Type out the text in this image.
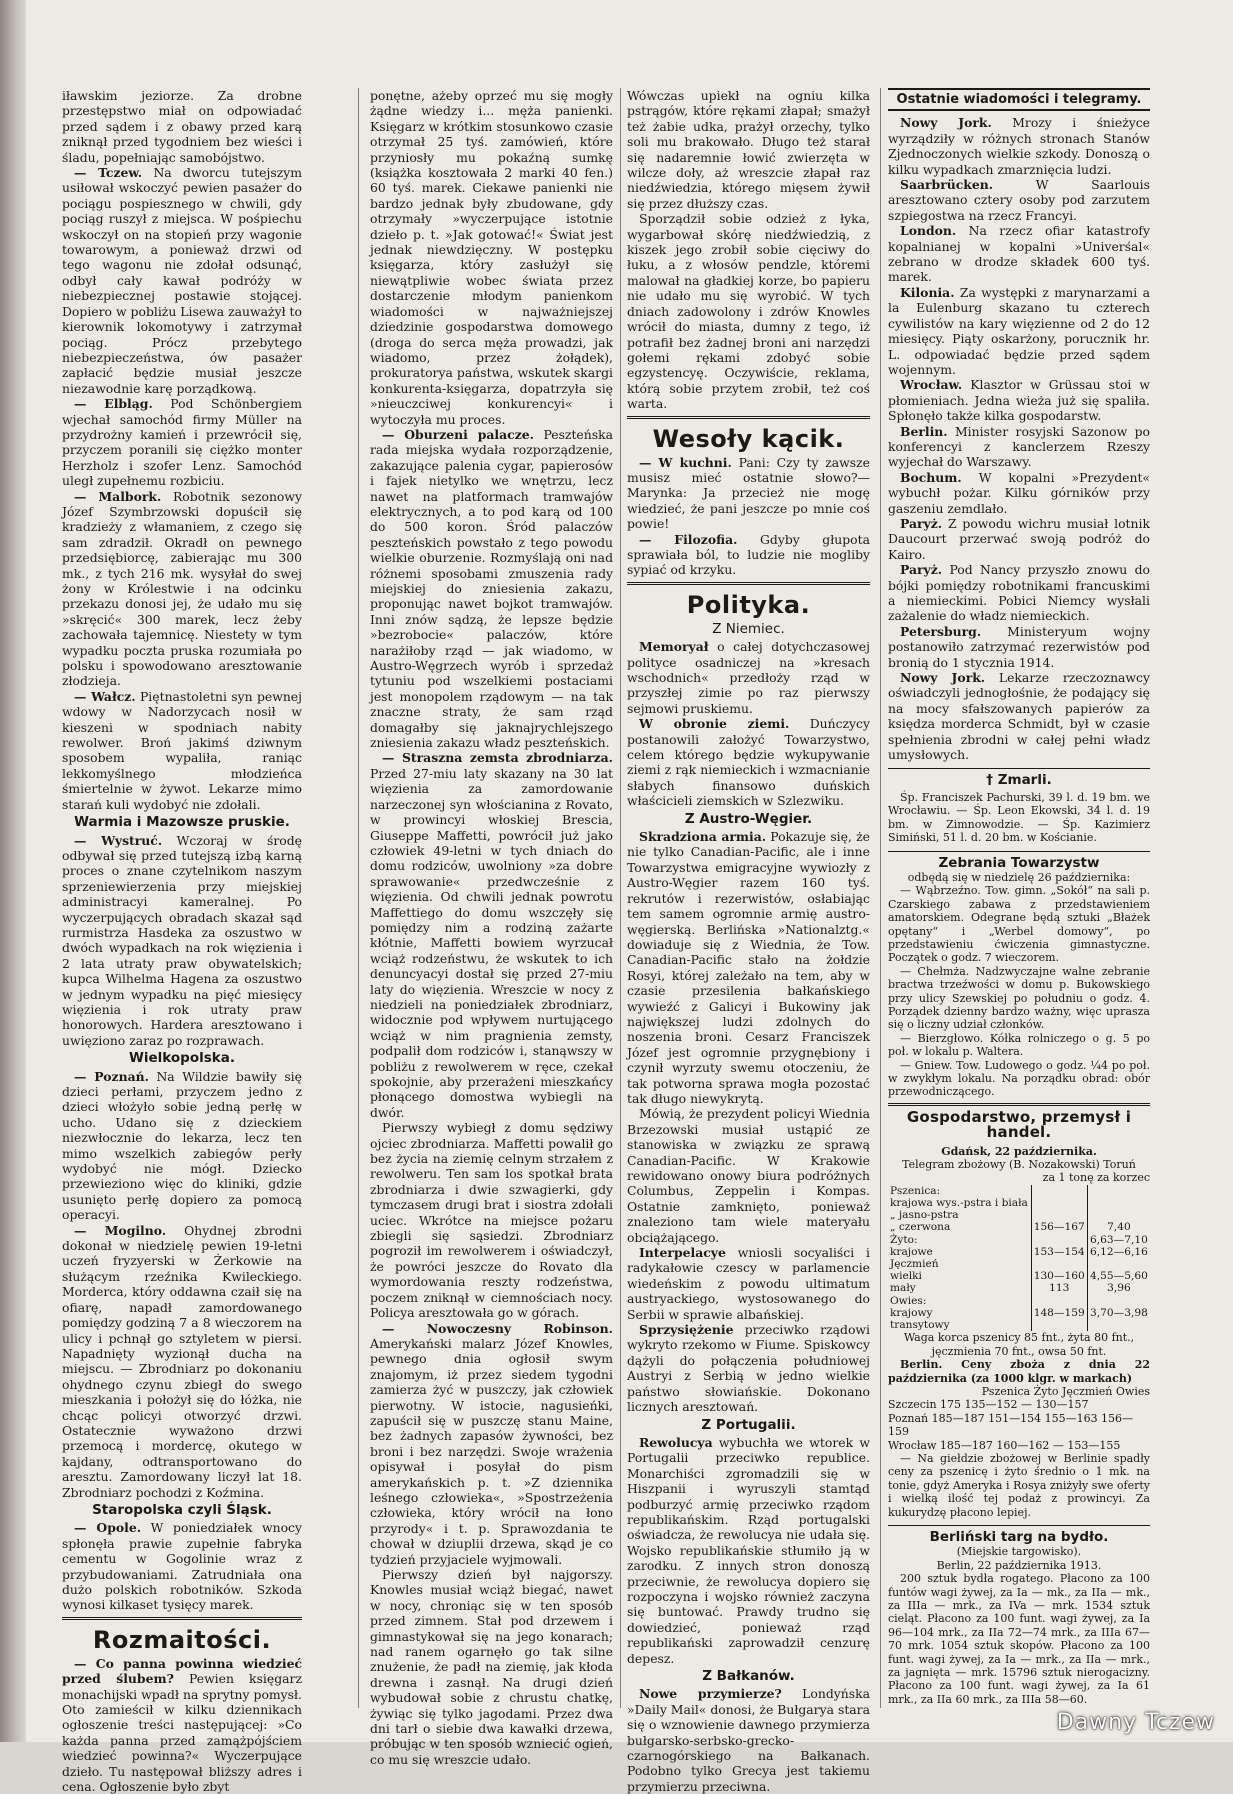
iławskim jeziorze. Za drobne przestępstwo miał on odpowiadać przed sądem i z obawy przed karą zniknął przed tygodniem bez wieści i śladu, popełniając samobójstwo.

— Tczew. Na dworcu tutejszym usiłował wskoczyć pewien pasażer do pociągu pospiesznego w chwili, gdy pociąg ruszył z miejsca. W pośpiechu wskoczył on na stopień przy wagonie towarowym, a ponieważ drzwi od tego wagonu nie zdołał odsunąć, odbył cały kawał podróży w niebezpiecznej postawie stojącej. Dopiero w pobliżu Lisewa zauważył to kierownik lokomotywy i zatrzymał pociąg. Prócz przebytego niebezpieczeństwa, ów pasażer zapłacić będzie musiał jeszcze niezawodnie karę porządkową.

— Elbląg. Pod Schönbergiem wjechał samochód firmy Müller na przydrożny kamień i przewrócił się, przyczem poranili się ciężko monter Herzholz i szofer Lenz. Samochód uległ zupełnemu rozbiciu.

— Malbork. Robotnik sezonowy Józef Szymbrzowski dopuścił się kradzieży z włamaniem, z czego się sam zdradził. Okradł on pewnego przedsiębiorcę, zabierając mu 300 mk., z tych 216 mk. wysyłał do swej żony w Królestwie i na odcinku przekazu donosi jej, że udało mu się »skręcić« 300 marek, lecz żeby zachowała tajemnicę. Niestety w tym wypadku poczta pruska rozumiała po polsku i spowodowano aresztowanie złodzieja.

— Wałcz. Piętnastoletni syn pewnej wdowy w Nadorzycach nosił w kieszeni w spodniach nabity rewolwer. Broń jakimś dziwnym sposobem wypaliła, raniąc lekkomyślnego młodzieńca śmiertelnie w żywot. Lekarze mimo starań kuli wydobyć nie zdołali.

Warmia i Mazowsze pruskie.

— Wystruć. Wczoraj w środę odbywał się przed tutejszą izbą karną proces o znane czytelnikom naszym sprzeniewierzenia przy miejskiej administracyi kameralnej. Po wyczerpujących obradach skazał sąd rurmistrza Hasdeka za oszustwo w dwóch wypadkach na rok więzienia i 2 lata utraty praw obywatelskich; kupca Wilhelma Hagena za oszustwo w jednym wypadku na pięć miesięcy więzienia i rok utraty praw honorowych. Hardera aresztowano i uwięziono zaraz po rozprawach.

Wielkopolska.

— Poznań. Na Wildzie bawiły się dzieci perłami, przyczem jedno z dzieci włożyło sobie jedną perłę w ucho. Udano się z dzieckiem niezwłocznie do lekarza, lecz ten mimo wszelkich zabiegów perły wydobyć nie mógł. Dziecko przewieziono więc do kliniki, gdzie usunięto perłę dopiero za pomocą operacyi.

— Mogilno. Ohydnej zbrodni dokonał w niedzielę pewien 19-letni uczeń fryzyerski w Żerkowie na służącym rzeźnika Kwileckiego. Morderca, który oddawna czaił się na ofiarę, napadł zamordowanego pomiędzy godziną 7 a 8 wieczorem na ulicy i pchnął go sztyletem w piersi. Napadnięty wyzionął ducha na miejscu. — Zbrodniarz po dokonaniu ohydnego czynu zbiegł do swego mieszkania i położył się do łóżka, nie chcąc policyi otworzyć drzwi. Ostatecznie wyważono drzwi przemocą i mordercę, okutego w kajdany, odtransportowano do aresztu. Zamordowany liczył lat 18. Zbrodniarz pochodzi z Koźmina.

Staropolska czyli Śląsk.

— Opole. W poniedziałek wnocy spłonęła prawie zupełnie fabryka cementu w Gogolinie wraz z przybudowaniami. Zatrudniała ona dużo polskich robotników. Szkoda wynosi kilkaset tysięcy marek.

Rozmaitości.

— Co panna powinna wiedzieć przed ślubem? Pewien księgarz monachijski wpadł na sprytny pomysł. Oto zamieścił w kilku dziennikach ogłoszenie treści następującej: »Co każda panna przed zamążpójściem wiedzieć powinna?« Wyczerpujące dzieło. Tu następował bliższy adres i cena. Ogłoszenie było zbyt

ponętne, ażeby oprzeć mu się mogły żądne wiedzy i... męża panienki. Księgarz w krótkim stosunkowo czasie otrzymał 25 tyś. zamówień, które przyniosły mu pokaźną sumkę (książka kosztowała 2 marki 40 fen.) 60 tyś. marek. Ciekawe panienki nie bardzo jednak były zbudowane, gdy otrzymały »wyczerpujące istotnie dzieło p. t. »Jak gotować!« Świat jest jednak niewdzięczny. W postępku księgarza, który zasłużył się niewątpliwie wobec świata przez dostarczenie młodym panienkom wiadomości w najważniejszej dziedzinie gospodarstwa domowego (droga do serca męża prowadzi, jak wiadomo, przez żołądek), prokuratorya państwa, wskutek skargi konkurenta-księgarza, dopatrzyła się »nieuczciwej konkurencyi« i wytoczyła mu proces.

— Oburzeni palacze. Peszteńska rada miejska wydała rozporządzenie, zakazujące palenia cygar, papierosów i fajek nietylko we wnętrzu, lecz nawet na platformach tramwajów elektrycznych, a to pod karą od 100 do 500 koron. Śród palaczów peszteńskich powstało z tego powodu wielkie oburzenie. Rozmyślają oni nad różnemi sposobami zmuszenia rady miejskiej do zniesienia zakazu, proponując nawet bojkot tramwajów. Inni znów sądzą, że lepsze będzie »bezrobocie« palaczów, które narażiłoby rząd — jak wiadomo, w Austro-Węgrzech wyrób i sprzedaż tytuniu pod wszelkiemi postaciami jest monopolem rządowym — na tak znaczne straty, że sam rząd domagałby się jaknajrychlejszego zniesienia zakazu władz peszteńskich.

— Straszna zemsta zbrodniarza. Przed 27-miu laty skazany na 30 lat więzienia za zamordowanie narzeczonej syn włościanina z Rovato, w prowincyi włoskiej Brescia, Giuseppe Maffetti, powrócił już jako człowiek 49-letni w tych dniach do domu rodziców, uwolniony »za dobre sprawowanie« przedwcześnie z więzienia. Od chwili jednak powrotu Maffettiego do domu wszczęły się pomiędzy nim a rodziną zażarte kłótnie, Maffetti bowiem wyrzucał wciąż rodzeństwu, że wskutek to ich denuncyacyi dostał się przed 27-miu laty do więzienia. Wreszcie w nocy z niedzieli na poniedziałek zbrodniarz, widocznie pod wpływem nurtującego wciąż w nim pragnienia zemsty, podpalił dom rodziców i, stanąwszy w pobliżu z rewolwerem w ręce, czekał spokojnie, aby przerażeni mieszkańcy płonącego domostwa wybiegli na dwór.

Pierwszy wybiegł z domu sędziwy ojciec zbrodniarza. Maffetti powalił go bez życia na ziemię celnym strzałem z rewolweru. Ten sam los spotkał brata zbrodniarza i dwie szwagierki, gdy tymczasem drugi brat i siostra zdołali uciec. Wkrótce na miejsce pożaru zbiegli się sąsiedzi. Zbrodniarz pogroził im rewolwerem i oświadczył, że powróci jeszcze do Rovato dla wymordowania reszty rodzeństwa, poczem zniknął w ciemnościach nocy. Policya aresztowała go w górach.

— Nowoczesny Robinson. Amerykański malarz Józef Knowles, pewnego dnia ogłosił swym znajomym, iż przez siedem tygodni zamierza żyć w puszczy, jak człowiek pierwotny. W istocie, nagusieńki, zapuścił się w puszczę stanu Maine, bez żadnych zapasów żywności, bez broni i bez narzędzi. Swoje wrażenia opisywał i posyłał do pism amerykańskich p. t. »Z dziennika leśnego człowieka«, »Spostrzeżenia człowieka, który wrócił na łono przyrody« i t. p. Sprawozdania te chował w dziuplii drzewa, skąd je co tydzień przyjaciele wyjmowali.

Pierwszy dzień był najgorszy. Knowles musiał wciąż biegać, nawet w nocy, chroniąc się w ten sposób przed zimnem. Stał pod drzewem i gimnastykował się na jego konarach; nad ranem ogarnęło go tak silne znużenie, że padł na ziemię, jak kłoda drewna i zasnął. Na drugi dzień wybudował sobie z chrustu chatkę, żywiąc się tylko jagodami. Przez dwa dni tarł o siebie dwa kawałki drzewa, próbując w ten sposób wzniecić ogień, co mu się wreszcie udało.

Wówczas upiekł na ogniu kilka pstrągów, które rękami złapał; smażył też żabie udka, prażył orzechy, tylko soli mu brakowało. Długo też starał się nadaremnie łowić zwierzęta w wilcze doły, aż wreszcie złapał raz niedźwiedzia, którego mięsem żywił się przez dłuższy czas.

Sporządził sobie odzież z łyka, wygarbował skórę niedźwiedzią, z kiszek jego zrobił sobie cięciwy do łuku, a z włosów pendzle, któremi malował na gładkiej korze, bo papieru nie udało mu się wyrobić. W tych dniach zadowolony i zdrów Knowles wrócił do miasta, dumny z tego, iż potrafił bez żadnej broni ani narzędzi gołemi rękami zdobyć sobie egzystencyę. Oczywiście, reklama, którą sobie przytem zrobił, też coś warta.

Wesoły kącik.

— W kuchni. Pani: Czy ty zawsze musisz mieć ostatnie słowo?— Marynka: Ja przecież nie mogę wiedzieć, że pani jeszcze po mnie coś powie!

— Filozofia. Gdyby głupota sprawiała ból, to ludzie nie mogliby sypiać od krzyku.

Polityka.
Z Niemiec.

Memoryał o całej dotychczasowej polityce osadniczej na »kresach wschodnich« przedłoży rząd w przyszłej zimie po raz pierwszy sejmowi pruskiemu.

W obronie ziemi. Duńczycy postanowili założyć Towarzystwo, celem którego będzie wykupywanie ziemi z rąk niemieckich i wzmacnianie słabych finansowo duńskich właścicieli ziemskich w Szlezwiku.

Z Austro-Węgier.

Skradziona armia. Pokazuje się, że nie tylko Canadian-Pacific, ale i inne Towarzystwa emigracyjne wywiozły z Austro-Węgier razem 160 tyś. rekrutów i rezerwistów, osłabiając tem samem ogromnie armię austro-węgierską. Berlińska »Nationalztg.« dowiaduje się z Wiednia, że Tow. Canadian-Pacific stało na żołdzie Rosyi, której zależało na tem, aby w czasie przesilenia bałkańskiego wywieźć z Galicyi i Bukowiny jak największej ludzi zdolnych do noszenia broni. Cesarz Franciszek Józef jest ogromnie przygnębiony i czynił wyrzuty swemu otoczeniu, że tak potworna sprawa mogła pozostać tak długo niewykrytą.

Mówią, że prezydent policyi Wiednia Brzezowski musiał ustąpić ze stanowiska w związku ze sprawą Canadian-Pacific. W Krakowie rewidowano onowy biura podróżnych Columbus, Zeppelin i Kompas. Ostatnie zamknięto, ponieważ znaleziono tam wiele materyału obciążającego.

Interpelacye wniosli socyaliści i radykałowie czescy w parlamencie wiedeńskim z powodu ultimatum austryackiego, wystosowanego do Serbii w sprawie albańskiej.

Sprzysiężenie przeciwko rządowi wykryto rzekomo w Fiume. Spiskowcy dążyli do połączenia południowej Austryi z Serbią w jedno wielkie państwo słowiańskie. Dokonano licznych aresztowań.

Z Portugalii.

Rewolucya wybuchła we wtorek w Portugalii przeciwko republice. Monarchiści zgromadzili się w Hiszpanii i wyruszyli stamtąd podburzyć armię przeciwko rządom republikańskim. Rząd portugalski oświadcza, że rewolucya nie udała się. Wojsko republikańskie stłumiło ją w zarodku. Z innych stron donoszą przeciwnie, że rewolucya dopiero się rozpoczyna i wojsko również zaczyna się buntować. Prawdy trudno się dowiedzieć, ponieważ rząd republikański zaprowadził cenzurę depesz.

Z Bałkanów.

Nowe przymierze? Londyńska »Daily Mail« donosi, że Bułgarya stara się o wznowienie dawnego przymierza bułgarsko-serbsko-grecko-czarnogórskiego na Bałkanach. Podobno tylko Grecya jest takiemu przymierzu przeciwna.

Ostatnie wiadomości i telegramy.

Nowy Jork. Mrozy i śnieżyce wyrządziły w różnych stronach Stanów Zjednoczonych wielkie szkody. Donoszą o kilku wypadkach zmarznięcia ludzi.

Saarbrücken.	W Saarlouis aresztowano cztery osoby pod zarzutem szpiegostwa na rzecz Francyi.

London. Na rzecz ofiar katastrofy kopalnianej w kopalni »Univerśal« zebrano w drodze składek 600 tyś. marek.

Kilonia. Za występki z marynarzami a la Eulenburg skazano tu czterech cywilistów na kary więzienne od 2 do 12 miesięcy. Piąty oskarżony, porucznik hr. L. odpowiadać będzie przed sądem wojennym.

Wrocław. Klasztor w Grüssau stoi w płomieniach. Jedna wieża już się spaliła. Spłonęło także kilka gospodarstw.

Berlin. Minister rosyjski Sazonow po konferencyi z kanclerzem Rzeszy wyjechał do Warszawy.

Bochum. W kopalni »Prezydent« wybuchł pożar. Kilku górników przy gaszeniu zemdlało.

Paryż. Z powodu wichru musiał lotnik Daucourt przerwać swoją podróż do Kairo.

Paryż. Pod Nancy przyszło znowu do bójki pomiędzy robotnikami francuskimi a niemieckimi. Pobici Niemcy wysłali zażalenie do władz niemieckich.

Petersburg. Ministeryum wojny postanowiło zatrzymać rezerwistów pod bronią do 1 stycznia 1914.

Nowy Jork. Lekarze rzeczoznawcy oświadczyli jednogłośnie, że podający się na mocy sfałszowanych papierów za księdza morderca Schmidt, był w czasie spełnienia zbrodni w całej pełni władz umysłowych.

† Zmarli.

Śp. Franciszek Pachurski, 39 l. d. 19 bm. we Wrocławiu. — Śp. Leon Ekowski, 34 l. d. 19 bm. w Zimnowodzie. — Śp. Kazimierz Simiński, 51 l. d. 20 bm. w Kościanie.

Zebrania Towarzystw

odbędą się w niedzielę 26 października:

— Wąbrzeźno. Tow. gimn. „Sokół“ na sali p. Czarskiego zabawa z przedstawieniem amatorskiem. Odegrane będą sztuki „Błażek opętany“ i „Werbel domowy“, po przedstawieniu ćwiczenia gimnastyczne. Początek o godz. 7 wieczorem.

— Chełmża. Nadzwyczajne walne zebranie bractwa trzeźwości w domu p. Bukowskiego przy ulicy Szewskiej po południu o godz. 4. Porządek dzienny bardzo ważny, więc uprasza się o liczny udział członków.

— Bierzgłowo. Kółka rolniczego o g. 5 po poł. w lokalu p. Waltera.

— Gniew. Tow. Ludowego o godz. ¼4 po poł. w zwykłym lokalu. Na porządku obrad: obór przewodniczącego.

Gospodarstwo, przemysł i handel.

Gdańsk, 22 października.

Telegram zbożowy (B. Nozakowski) Toruń

za 1 tonę za korzec

Pszenica:		
krajowa wys.-pstra i biała		
„ jasno-pstra		
„ czerwona	156—167	7,40
Żyto:		6,63—7,10
krajowe	153—154	6,12—6,16
Jęczmień		
wielki	130—160	4,55—5,60
mały	113	3,96
Owies:		
krajowy	148—159	3,70—3,98
transytowy		

Waga korca pszenicy 85 fnt., żyta 80 fnt., jęczmienia 70 fnt., owsa 50 fnt.

Berlin. Ceny zboża z dnia 22 października (za 1000 klgr. w markach)

Pszenica Żyto Jęczmień Owies

Szczecin 175 135—152 — 130—157

Poznań 185—187 151—154 155—163 156—159

Wrocław 185—187 160—162 — 153—155

— Na giełdzie zbożowej w Berlinie spadły ceny za pszenicę i żyto średnio o 1 mk. na tonie, gdyż Ameryka i Rosya zniżyły swe oferty i wielką ilość tej podaż z prowincyi. Za kukurydzę płacono lepiej.

Berliński targ na bydło.

(Miejskie targowisko).

Berlin, 22 października 1913.

200 sztuk bydła rogatego. Płacono za 100 funtów wagi żywej, za Ia — mk., za IIa — mk., za IIIa — mrk., za IVa — mrk. 1534 sztuk cieląt. Płacono za 100 funt. wagi żywej, za Ia 96—104 mrk., za IIa 72—74 mrk., za IIIa 67—70 mrk. 1054 sztuk skopów. Płacono za 100 funt. wagi żywej, za Ia — mrk., za IIa — mrk., za jagnięta — mrk. 15796 sztuk nierogacizny. Płacono za 100 funt. wagi żywej, za Ia 61 mrk., za IIa 60 mrk., za IIIa 58—60.

Dawny Tczew
